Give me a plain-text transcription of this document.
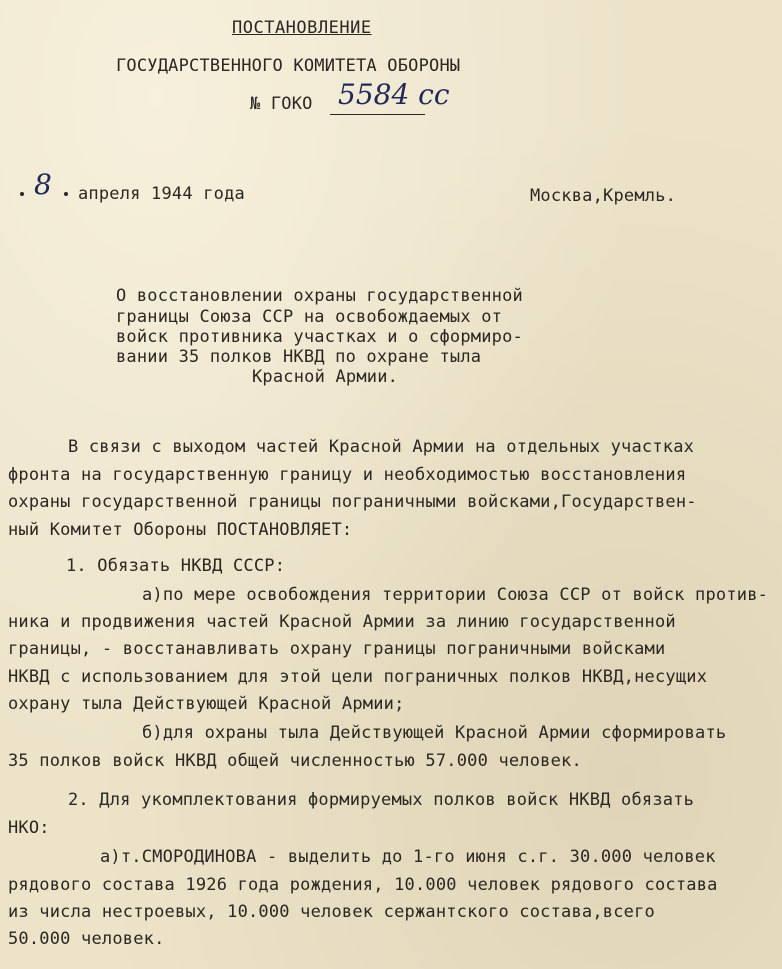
ПОСТАНОВЛЕНИЕ
ГОСУДАРСТВЕННОГО КОМИТЕТА ОБОРОНЫ
№ ГОКО 5584 сс
8 апреля 1944 года	Москва,Кремль.
О восстановлении охраны государственной
границы Союза ССР на освобождаемых от
войск противника участках и о сформиро-
вании 35 полков НКВД по охране тыла
Красной Армии.
В связи с выходом частей Красной Армии на отдельных участках
фронта на государственную границу и необходимостью восстановления
охраны государственной границы пограничными войсками,Государствен-
ный Комитет Обороны ПОСТАНОВЛЯЕТ:
1. Обязать НКВД СССР:
а)по мере освобождения территории Союза ССР от войск против-
ника и продвижения частей Красной Армии за линию государственной
границы, - восстанавливать охрану границы пограничными войсками
НКВД с использованием для этой цели пограничных полков НКВД,несущих
охрану тыла Действующей Красной Армии;
б)для охраны тыла Действующей Красной Армии сформировать
35 полков войск НКВД общей численностью 57.000 человек.
2. Для укомплектования формируемых полков войск НКВД обязать
НКО:
а)т.СМОРОДИНОВА - выделить до 1-го июня с.г. 30.000 человек
рядового состава 1926 года рождения, 10.000 человек рядового состава
из числа нестроевых, 10.000 человек сержантского состава,всего
50.000 человек.
